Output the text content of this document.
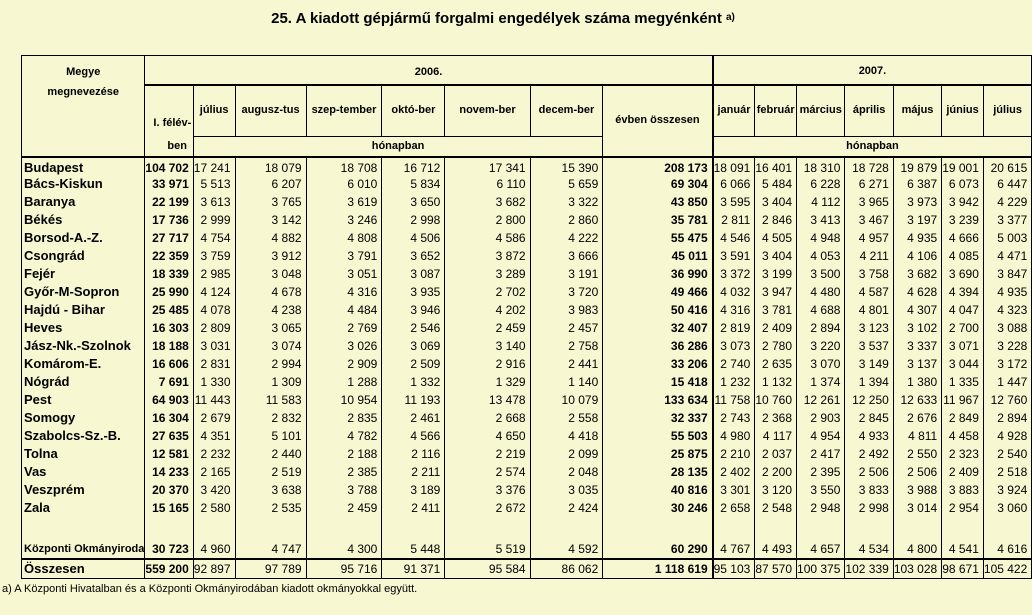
25. A kiadott gépjármű forgalmi engedélyek száma megyénként $^{a)}$
Megye
megnevezése	2006.								2007.						
	I. félév-	július	augusz-tus	szep-tember	októ-ber	novem-ber	decem-ber	évben összesen	január	február	március	április	május	június	július
	ben	hónapban							hónapban						
Budapest	104 702	17 241	18 079	18 708	16 712	17 341	15 390	208 173	18 091	16 401	18 310	18 728	19 879	19 001	20 615
Bács-Kiskun	33 971	5 513	6 207	6 010	5 834	6 110	5 659	69 304	6 066	5 484	6 228	6 271	6 387	6 073	6 447
Baranya	22 199	3 613	3 765	3 619	3 650	3 682	3 322	43 850	3 595	3 404	4 112	3 965	3 973	3 942	4 229
Békés	17 736	2 999	3 142	3 246	2 998	2 800	2 860	35 781	2 811	2 846	3 413	3 467	3 197	3 239	3 377
Borsod-A.-Z.	27 717	4 754	4 882	4 808	4 506	4 586	4 222	55 475	4 546	4 505	4 948	4 957	4 935	4 666	5 003
Csongrád	22 359	3 759	3 912	3 791	3 652	3 872	3 666	45 011	3 591	3 404	4 053	4 211	4 106	4 085	4 471
Fejér	18 339	2 985	3 048	3 051	3 087	3 289	3 191	36 990	3 372	3 199	3 500	3 758	3 682	3 690	3 847
Győr-M-Sopron	25 990	4 124	4 678	4 316	3 935	2 702	3 720	49 466	4 032	3 947	4 480	4 587	4 628	4 394	4 935
Hajdú - Bihar	25 485	4 078	4 238	4 484	3 946	4 202	3 983	50 416	4 316	3 781	4 688	4 801	4 307	4 047	4 323
Heves	16 303	2 809	3 065	2 769	2 546	2 459	2 457	32 407	2 819	2 409	2 894	3 123	3 102	2 700	3 088
Jász-Nk.-Szolnok	18 188	3 031	3 074	3 026	3 069	3 140	2 758	36 286	3 073	2 780	3 220	3 537	3 337	3 071	3 228
Komárom-E.	16 606	2 831	2 994	2 909	2 509	2 916	2 441	33 206	2 740	2 635	3 070	3 149	3 137	3 044	3 172
Nógrád	7 691	1 330	1 309	1 288	1 332	1 329	1 140	15 418	1 232	1 132	1 374	1 394	1 380	1 335	1 447
Pest	64 903	11 443	11 583	10 954	11 193	13 478	10 079	133 634	11 758	10 760	12 261	12 250	12 633	11 967	12 760
Somogy	16 304	2 679	2 832	2 835	2 461	2 668	2 558	32 337	2 743	2 368	2 903	2 845	2 676	2 849	2 894
Szabolcs-Sz.-B.	27 635	4 351	5 101	4 782	4 566	4 650	4 418	55 503	4 980	4 117	4 954	4 933	4 811	4 458	4 928
Tolna	12 581	2 232	2 440	2 188	2 116	2 219	2 099	25 875	2 210	2 037	2 417	2 492	2 550	2 323	2 540
Vas	14 233	2 165	2 519	2 385	2 211	2 574	2 048	28 135	2 402	2 200	2 395	2 506	2 506	2 409	2 518
Veszprém	20 370	3 420	3 638	3 788	3 189	3 376	3 035	40 816	3 301	3 120	3 550	3 833	3 988	3 883	3 924
Zala	15 165	2 580	2 535	2 459	2 411	2 672	2 424	30 246	2 658	2 548	2 948	2 998	3 014	2 954	3 060
Központi Okmányiroda	30 723	4 960	4 747	4 300	5 448	5 519	4 592	60 290	4 767	4 493	4 657	4 534	4 800	4 541	4 616
Összesen	559 200	92 897	97 789	95 716	91 371	95 584	86 062	1 118 619	95 103	87 570	100 375	102 339	103 028	98 671	105 422
a) A Központi Hivatalban és a Központi Okmányirodában kiadott okmányokkal együtt.
